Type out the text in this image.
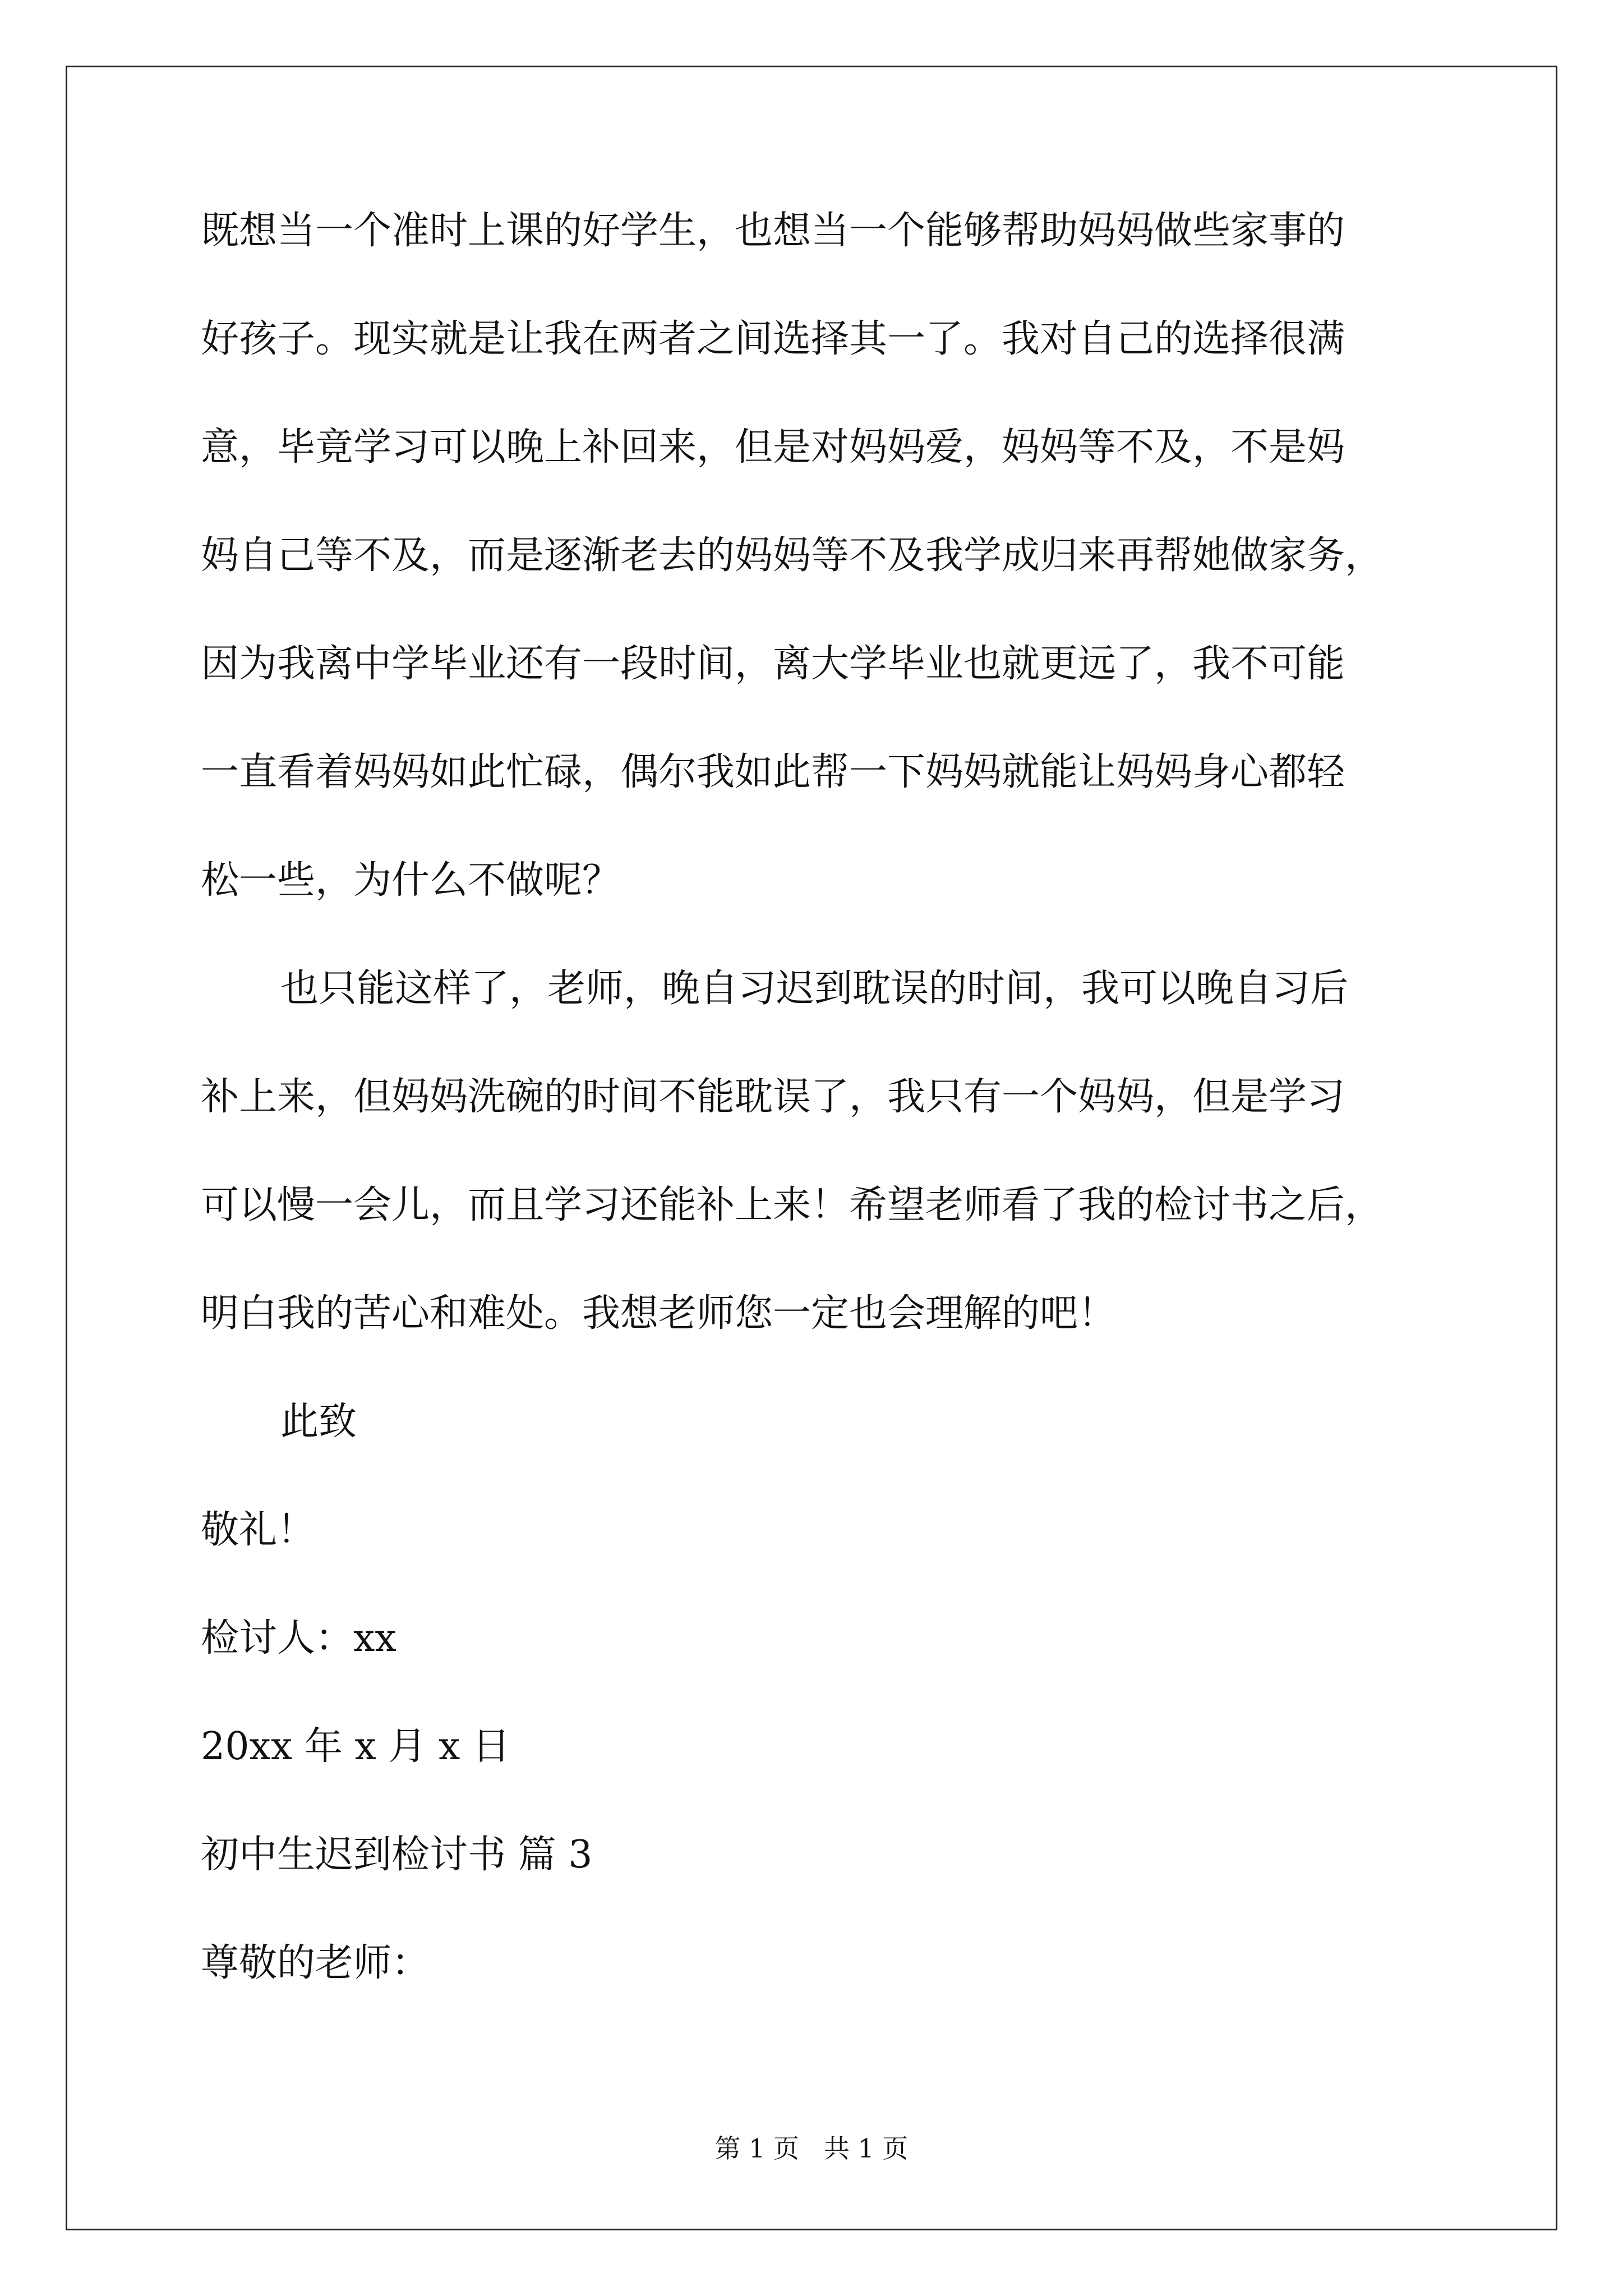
既想当一个准时上课的好学生，也想当一个能够帮助妈妈做些家事的
好孩子。现实就是让我在两者之间选择其一了。我对自己的选择很满
意，毕竟学习可以晚上补回来，但是对妈妈爱，妈妈等不及，不是妈
妈自己等不及，而是逐渐老去的妈妈等不及我学成归来再帮她做家务，
因为我离中学毕业还有一段时间，离大学毕业也就更远了，我不可能
一直看着妈妈如此忙碌，偶尔我如此帮一下妈妈就能让妈妈身心都轻
松一些，为什么不做呢？
也只能这样了，老师，晚自习迟到耽误的时间，我可以晚自习后
补上来，但妈妈洗碗的时间不能耽误了，我只有一个妈妈，但是学习
可以慢一会儿，而且学习还能补上来！希望老师看了我的检讨书之后，
明白我的苦心和难处。我想老师您一定也会理解的吧！
此致
敬礼！
检讨人：xx
20xx 年 x 月 x 日
初中生迟到检讨书 篇 3
尊敬的老师：
第 1 页   共 1 页
